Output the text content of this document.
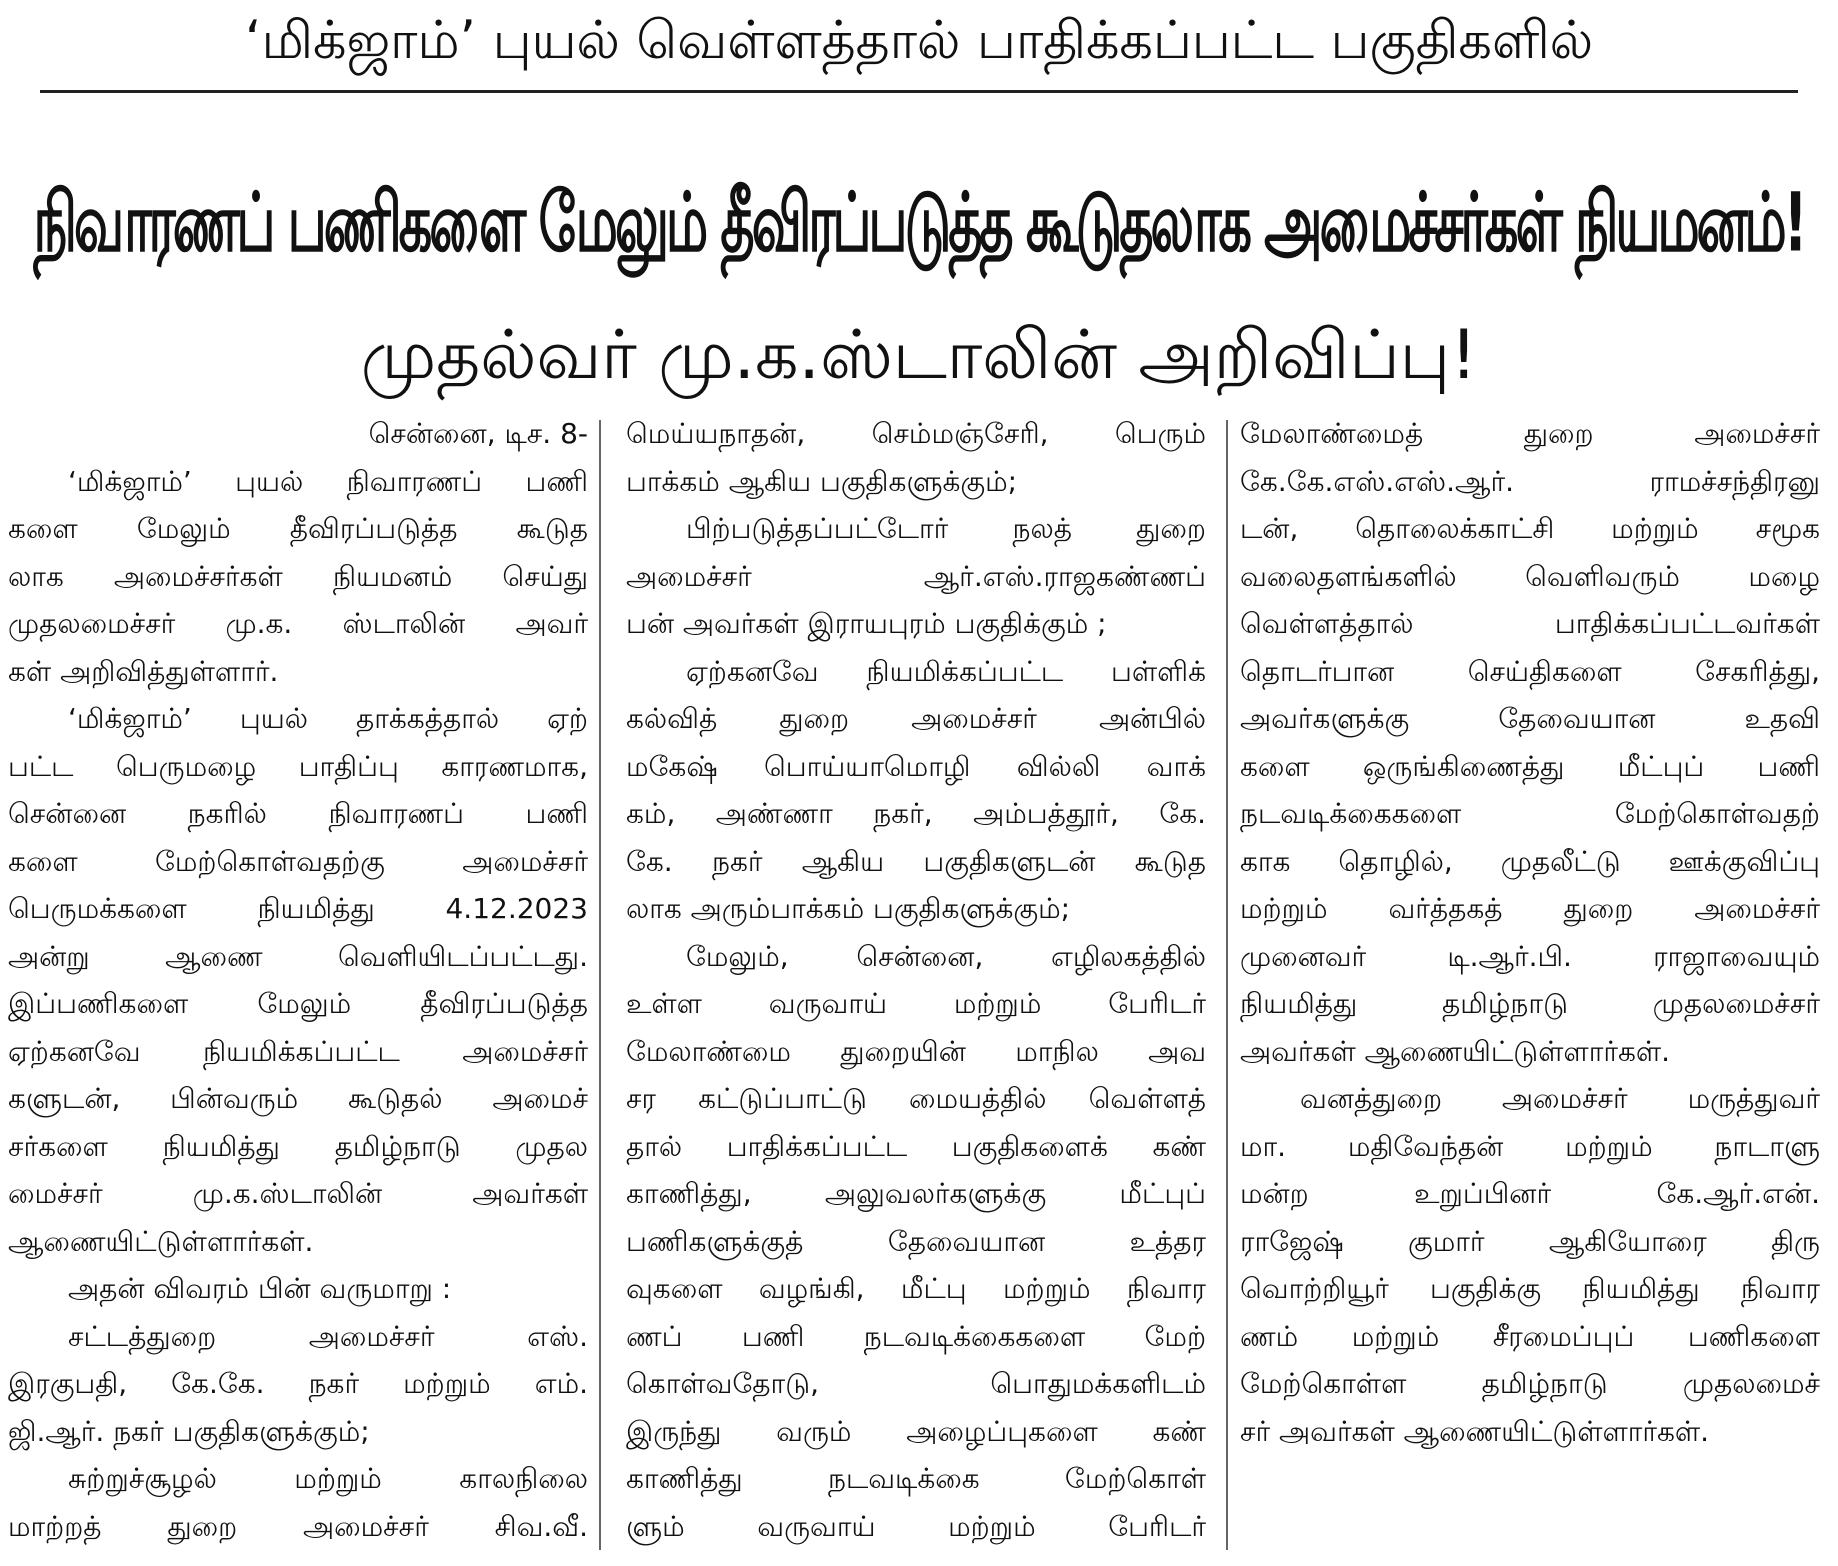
‘மிக்ஜாம்’ புயல் வெள்ளத்தால் பாதிக்கப்பட்ட பகுதிகளில்
நிவாரணப் பணிகளை மேலும் தீவிரப்படுத்த கூடுதலாக அமைச்சர்கள் நியமனம்!
முதல்வர் மு.க.ஸ்டாலின் அறிவிப்பு!
சென்னை, டிச. 8-
‘மிக்ஜாம்’ புயல் நிவாரணப் பணி
களை மேலும் தீவிரப்படுத்த கூடுத
லாக அமைச்சர்கள் நியமனம் செய்து
முதலமைச்சர் மு.க. ஸ்டாலின் அவர்
கள் அறிவித்துள்ளார்.
‘மிக்ஜாம்’ புயல் தாக்கத்தால் ஏற்
பட்ட பெருமழை பாதிப்பு காரணமாக,
சென்னை நகரில் நிவாரணப் பணி
களை மேற்கொள்வதற்கு அமைச்சர்
பெருமக்களை நியமித்து 4.12.2023
அன்று ஆணை வெளியிடப்பட்டது.
இப்பணிகளை மேலும் தீவிரப்படுத்த
ஏற்கனவே நியமிக்கப்பட்ட அமைச்சர்
களுடன், பின்வரும் கூடுதல் அமைச்
சர்களை நியமித்து தமிழ்நாடு முதல
மைச்சர் மு.க.ஸ்டாலின் அவர்கள்
ஆணையிட்டுள்ளார்கள்.
அதன் விவரம் பின் வருமாறு :
சட்டத்துறை அமைச்சர் எஸ்.
இரகுபதி, கே.கே. நகர் மற்றும் எம்.
ஜி.ஆர். நகர் பகுதிகளுக்கும்;
சுற்றுச்சூழல் மற்றும் காலநிலை
மாற்றத் துறை அமைச்சர் சிவ.வீ.
மெய்யநாதன், செம்மஞ்சேரி, பெரும்
பாக்கம் ஆகிய பகுதிகளுக்கும்;
பிற்படுத்தப்பட்டோர் நலத் துறை
அமைச்சர் ஆர்.எஸ்.ராஜகண்ணப்
பன் அவர்கள் இராயபுரம் பகுதிக்கும் ;
ஏற்கனவே நியமிக்கப்பட்ட பள்ளிக்
கல்வித் துறை அமைச்சர் அன்பில்
மகேஷ் பொய்யாமொழி வில்லி வாக்
கம், அண்ணா நகர், அம்பத்தூர், கே.
கே. நகர் ஆகிய பகுதிகளுடன் கூடுத
லாக அரும்பாக்கம் பகுதிகளுக்கும்;
மேலும், சென்னை, எழிலகத்தில்
உள்ள வருவாய் மற்றும் பேரிடர்
மேலாண்மை துறையின் மாநில அவ
சர கட்டுப்பாட்டு மையத்தில் வெள்ளத்
தால் பாதிக்கப்பட்ட பகுதிகளைக் கண்
காணித்து, அலுவலர்களுக்கு மீட்புப்
பணிகளுக்குத் தேவையான உத்தர
வுகளை வழங்கி, மீட்பு மற்றும் நிவார
ணப் பணி நடவடிக்கைகளை மேற்
கொள்வதோடு, பொதுமக்களிடம்
இருந்து வரும் அழைப்புகளை கண்
காணித்து நடவடிக்கை மேற்கொள்
ளும் வருவாய் மற்றும் பேரிடர்
மேலாண்மைத் துறை அமைச்சர்
கே.கே.எஸ்.எஸ்.ஆர். ராமச்சந்திரனு
டன், தொலைக்காட்சி மற்றும் சமூக
வலைதளங்களில் வெளிவரும் மழை
வெள்ளத்தால் பாதிக்கப்பட்டவர்கள்
தொடர்பான செய்திகளை சேகரித்து,
அவர்களுக்கு தேவையான உதவி
களை ஒருங்கிணைத்து மீட்புப் பணி
நடவடிக்கைகளை மேற்கொள்வதற்
காக தொழில், முதலீட்டு ஊக்குவிப்பு
மற்றும் வர்த்தகத் துறை அமைச்சர்
முனைவர் டி.ஆர்.பி. ராஜாவையும்
நியமித்து தமிழ்நாடு முதலமைச்சர்
அவர்கள் ஆணையிட்டுள்ளார்கள்.
வனத்துறை அமைச்சர் மருத்துவர்
மா. மதிவேந்தன் மற்றும் நாடாளு
மன்ற உறுப்பினர் கே.ஆர்.என்.
ராஜேஷ் குமார் ஆகியோரை திரு
வொற்றியூர் பகுதிக்கு நியமித்து நிவார
ணம் மற்றும் சீரமைப்புப் பணிகளை
மேற்கொள்ள தமிழ்நாடு முதலமைச்
சர் அவர்கள் ஆணையிட்டுள்ளார்கள்.
